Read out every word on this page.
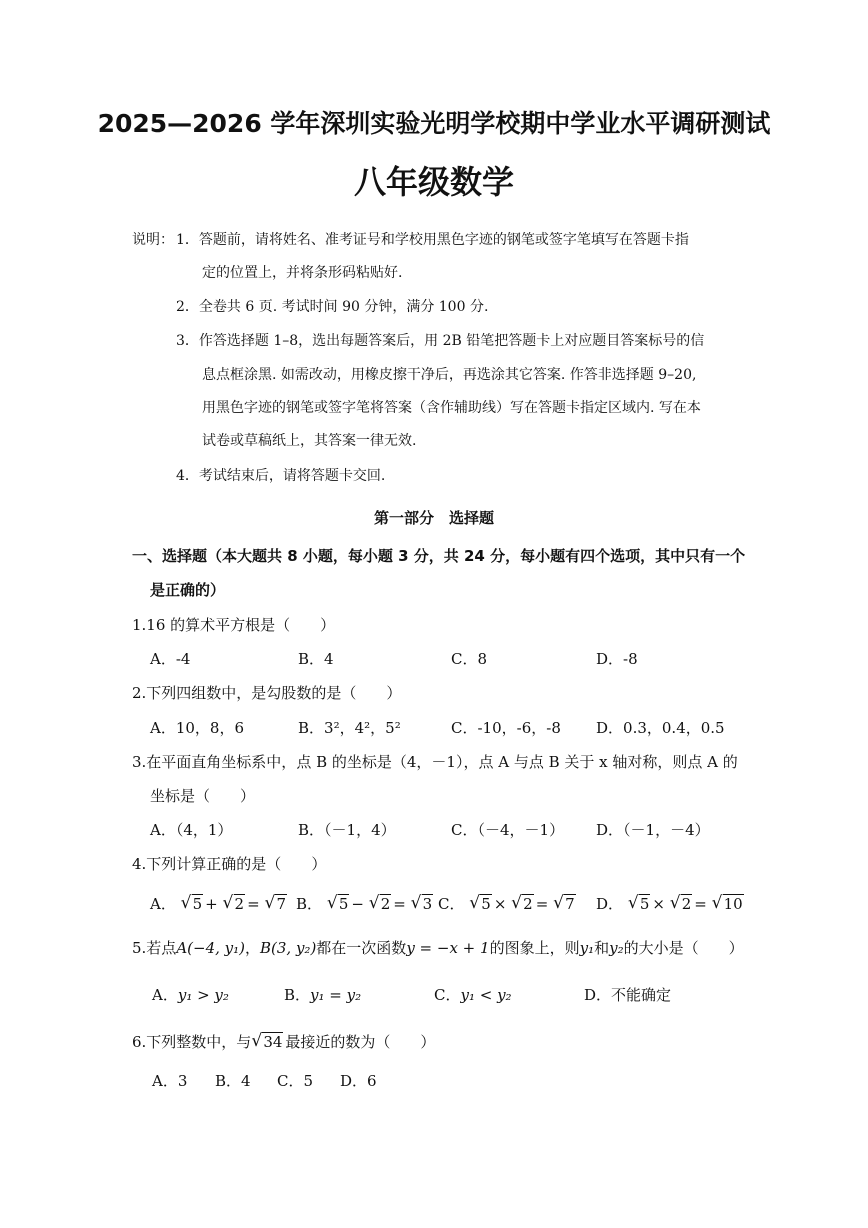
2025—2026 学年深圳实验光明学校期中学业水平调研测试
八年级数学
说明： 1．答题前，请将姓名、准考证号和学校用黑色字迹的钢笔或签字笔填写在答题卡指
定的位置上，并将条形码粘贴好.
2．全卷共 6 页. 考试时间 90 分钟，满分 100 分.
3．作答选择题 1–8，选出每题答案后，用 2B 铅笔把答题卡上对应题目答案标号的信
息点框涂黑. 如需改动，用橡皮擦干净后，再选涂其它答案. 作答非选择题 9–20,
用黑色字迹的钢笔或签字笔将答案（含作辅助线）写在答题卡指定区域内. 写在本
试卷或草稿纸上，其答案一律无效.
4．考试结束后，请将答题卡交回.
第一部分　选择题
一、选择题（本大题共 8 小题，每小题 3 分，共 24 分，每小题有四个选项，其中只有一个
是正确的）
1.16 的算术平方根是（　　）
A．-4	B．4	C．8	D．-8
2.下列四组数中，是勾股数的是（　　）
A．10，8，6	B．3²，4²，5²	C．-10，-6，-8 D．0.3，0.4，0.5
3.在平面直角坐标系中，点 B 的坐标是（4，－1），点 A 与点 B 关于 x 轴对称，则点 A 的
坐标是（　　）
A．（4，1）	B．（－1，4）	C．（－4，－1） D．（－1，－4）
4.下列计算正确的是（　　）
A． √ 5 + √ 2 = √ 7 B． √ 5 − √ 2 = √ 3 C． √ 5 × √ 2 = √ 7 D． √ 5 × √ 2 = √ 10
5.若点A(−4, y₁)，B(3, y₂)都在一次函数y = −x + 1的图象上，则y₁和y₂的大小是（　　）
A．y₁ > y₂	B．y₁ = y₂	C．y₁ < y₂	D．不能确定
6.下列整数中，与 √ 34 最接近的数为（　　）
A．3 B．4 C．5 D．6
